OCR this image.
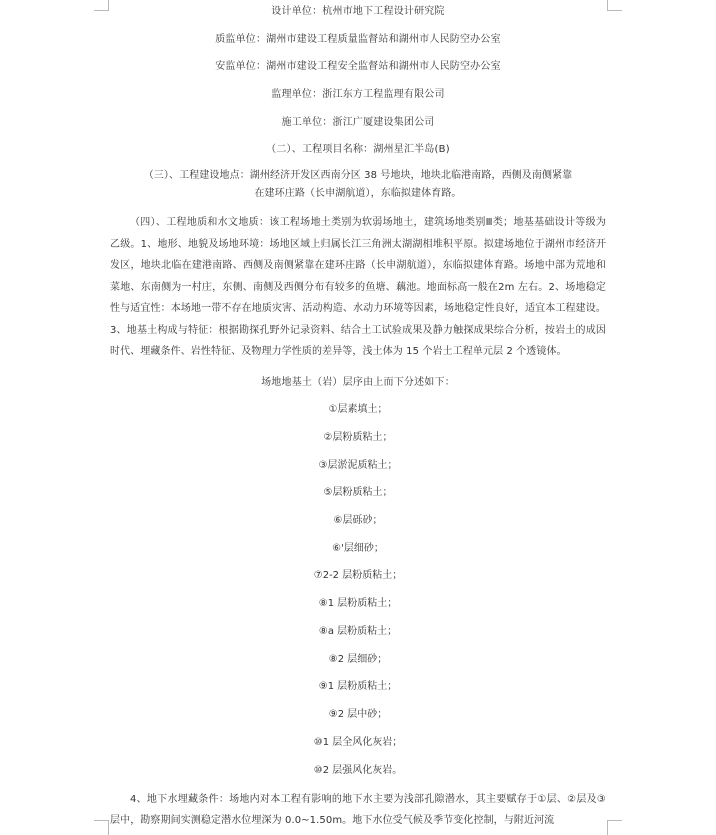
设计单位：杭州市地下工程设计研究院
质监单位：湖州市建设工程质量监督站和湖州市人民防空办公室
安监单位：湖州市建设工程安全监督站和湖州市人民防空办公室
监理单位：浙江东方工程监理有限公司
施工单位：浙江广厦建设集团公司
（二）、工程项目名称：湖州星汇半岛(B)

（三）、工程建设地点：湖州经济开发区西南分区 38 号地块，地块北临港南路，西侧及南侧紧靠在建环庄路（长申湖航道），东临拟建体育路。

（四）、工程地质和水文地质：该工程场地土类别为软弱场地土，建筑场地类别Ⅲ类；地基基础设计等级为乙级。1、地形、地貌及场地环境：场地区域上归属长江三角洲太湖湖相堆积平原。拟建场地位于湖州市经济开发区，地块北临在建港南路、西侧及南侧紧靠在建环庄路（长申湖航道），东临拟建体育路。场地中部为荒地和菜地、东南侧为一村庄，东侧、南侧及西侧分布有较多的鱼塘、藕池。地面标高一般在2m 左右。2、场地稳定性与适宜性：本场地一带不存在地质灾害、活动构造、水动力环境等因素，场地稳定性良好，适宜本工程建设。3、地基土构成与特征：根据勘探孔野外记录资料、结合土工试验成果及静力触探成果综合分析，按岩土的成因时代、埋藏条件、岩性特征、及物理力学性质的差异等，浅土体为 15 个岩土工程单元层 2 个透镜体。

场地地基土（岩）层序由上而下分述如下：
①层素填土；
②层粉质粘土；
③层淤泥质粘土；
⑤层粉质粘土；
⑥层砾砂；
⑥'层细砂；
⑦2-2 层粉质粘土；
⑧1 层粉质粘土；
⑧a 层粉质粘土；
⑧2 层细砂；
⑨1 层粉质粘土；
⑨2 层中砂；
⑩1 层全风化灰岩；
⑩2 层强风化灰岩。

4、地下水埋藏条件：场地内对本工程有影响的地下水主要为浅部孔隙潜水，其主要赋存于①层、②层及③层中，勘察期间实测稳定潜水位埋深为 0.0~1.50m。地下水位受气候及季节变化控制，与附近河流
